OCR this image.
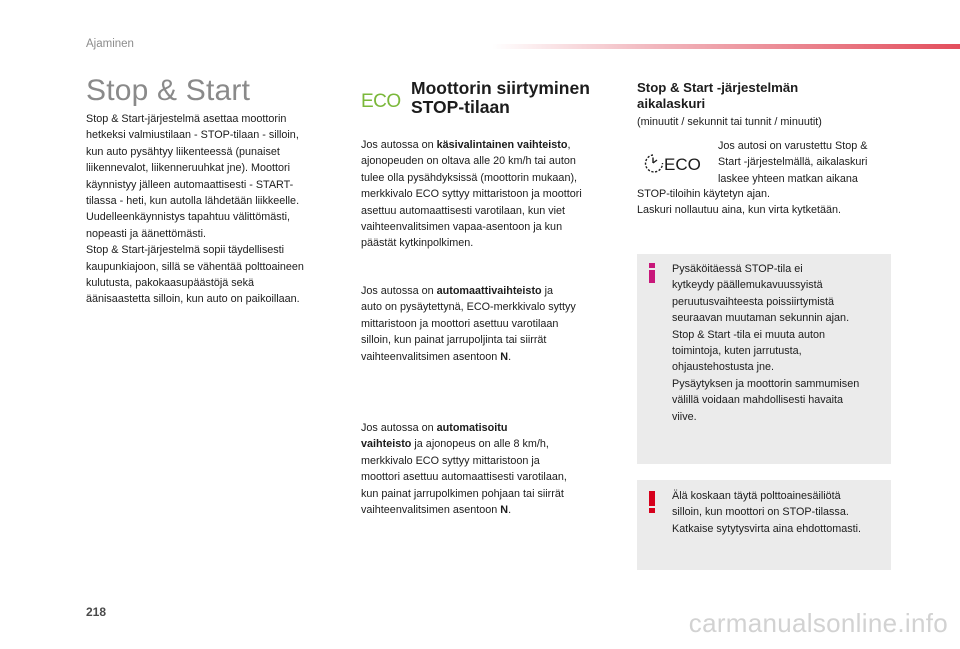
Ajaminen
Stop & Start
Stop & Start-järjestelmä asettaa moottorin
hetkeksi valmiustilaan - STOP-tilaan - silloin,
kun auto pysähtyy liikenteessä (punaiset
liikennevalot, liikenneruuhkat jne). Moottori
käynnistyy jälleen automaattisesti - START-
tilassa - heti, kun autolla lähdetään liikkeelle.
Uudelleenkäynnistys tapahtuu välittömästi,
nopeasti ja äänettömästi.
Stop & Start-järjestelmä sopii täydellisesti
kaupunkiajoon, sillä se vähentää polttoaineen
kulutusta, pakokaasupäästöjä sekä
äänisaastetta silloin, kun auto on paikoillaan.
ECO
Moottorin siirtyminen
STOP-tilaan
Jos autossa on käsivalintainen vaihteisto,
ajonopeuden on oltava alle 20 km/h tai auton
tulee olla pysähdyksissä (moottorin mukaan),
merkkivalo ECO syttyy mittaristoon ja moottori
asettuu automaattisesti varotilaan, kun viet
vaihteenvalitsimen vapaa-asentoon ja kun
päästät kytkinpolkimen.
Jos autossa on automaattivaihteisto ja
auto on pysäytettynä, ECO-merkkivalo syttyy
mittaristoon ja moottori asettuu varotilaan
silloin, kun painat jarrupoljinta tai siirrät
vaihteenvalitsimen asentoon N.
Jos autossa on automatisoitu
vaihteisto ja ajonopeus on alle 8 km/h,
merkkivalo ECO syttyy mittaristoon ja
moottori asettuu automaattisesti varotilaan,
kun painat jarrupolkimen pohjaan tai siirrät
vaihteenvalitsimen asentoon N.
Stop & Start -järjestelmän
aikalaskuri
(minuutit / sekunnit tai tunnit / minuutit)
ECO
Jos autosi on varustettu Stop &
Start -järjestelmällä, aikalaskuri
laskee yhteen matkan aikana
STOP-tiloihin käytetyn ajan.
Laskuri nollautuu aina, kun virta kytketään.
Pysäköitäessä STOP-tila ei
kytkeydy päällemukavuussyistä
peruutusvaihteesta poissiirtymistä
seuraavan muutaman sekunnin ajan.
Stop & Start -tila ei muuta auton
toimintoja, kuten jarrutusta,
ohjaustehostusta jne.
Pysäytyksen ja moottorin sammumisen
välillä voidaan mahdollisesti havaita
viive.
Älä koskaan täytä polttoainesäiliötä
silloin, kun moottori on STOP-tilassa.
Katkaise sytytysvirta aina ehdottomasti.
218	carmanualsonline.info
